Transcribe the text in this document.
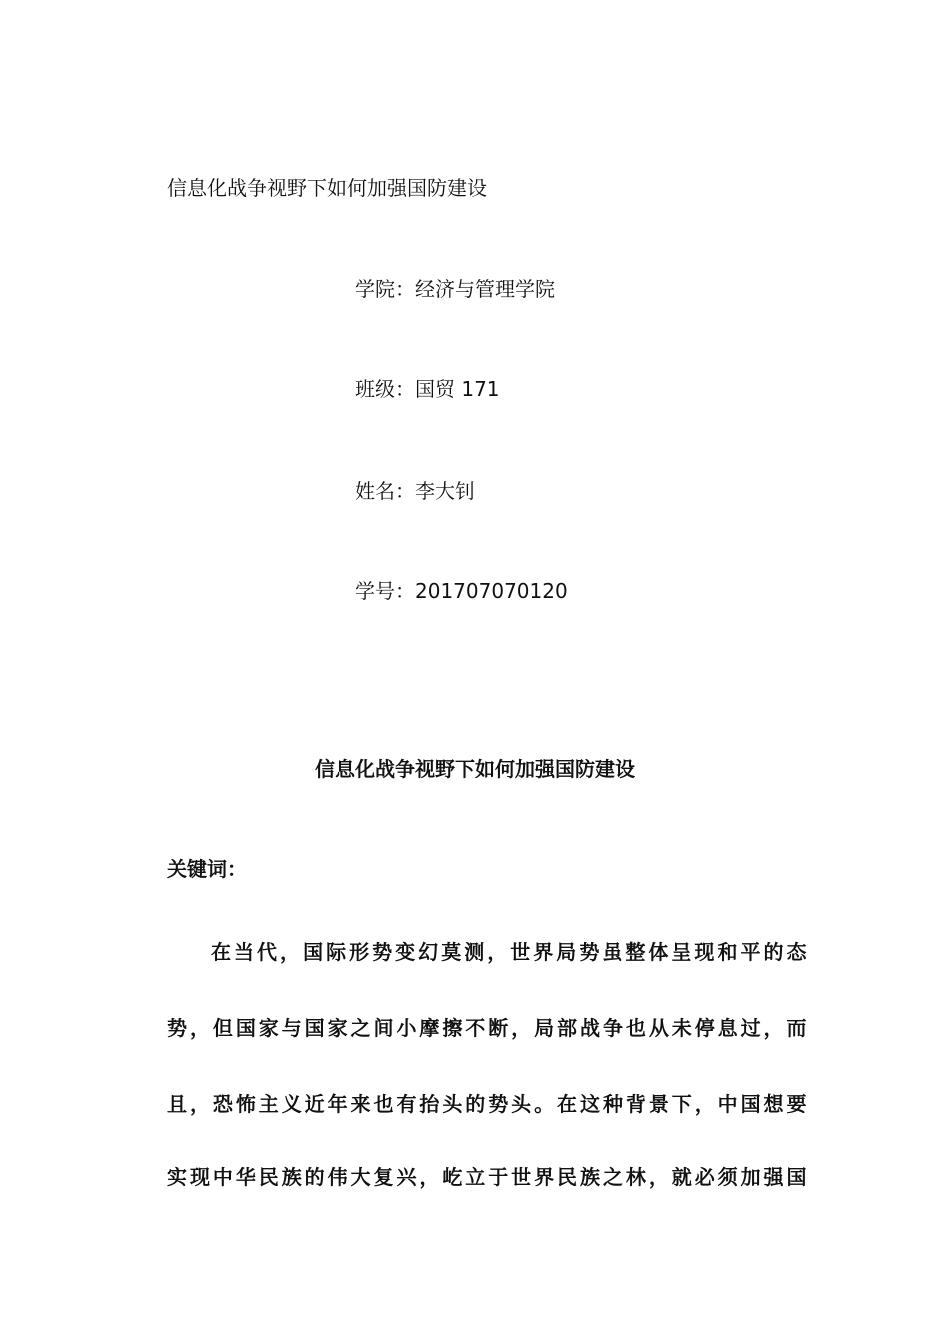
信息化战争视野下如何加强国防建设
学院：经济与管理学院
班级：国贸 171
姓名：李大钊
学号：201707070120
信息化战争视野下如何加强国防建设
关键词：
在当代，国际形势变幻莫测，世界局势虽整体呈现和平的态
势，但国家与国家之间小摩擦不断，局部战争也从未停息过，而
且，恐怖主义近年来也有抬头的势头。在这种背景下，中国想要
实现中华民族的伟大复兴，屹立于世界民族之林，就必须加强国
